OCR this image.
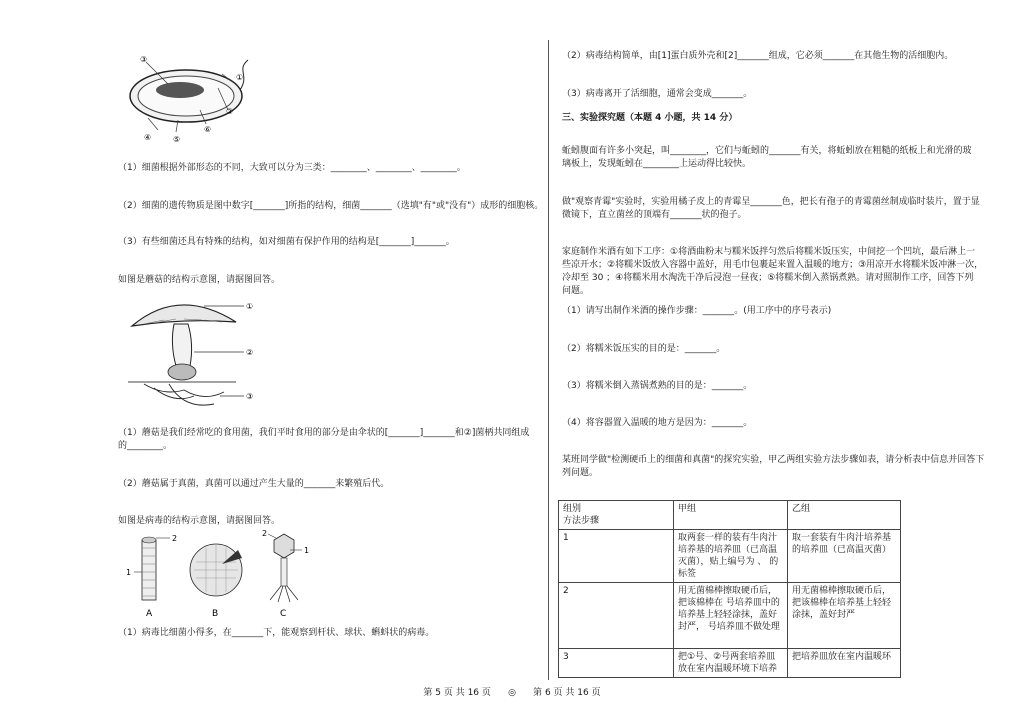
③
②
④	⑤
⑥
①
（1）细菌根据外部形态的不同，大致可以分为三类：________、________、________。
（2）细菌的遗传物质是图中数字[_______]所指的结构，细菌_______（选填"有"或"没有"）成形的细胞核。
（3）有些细菌还具有特殊的结构，如对细菌有保护作用的结构是[_______]_______。
如图是蘑菇的结构示意图，请据图回答。
①
②
③
（1）蘑菇是我们经常吃的食用菌，我们平时食用的部分是由伞状的[_______]_______和②]菌柄共同组成
的________。
（2）蘑菇属于真菌，真菌可以通过产生大量的_______来繁殖后代。
如图是病毒的结构示意图，请据图回答。
2
1
A	B
2
1
C
（1）病毒比细菌小得多，在_______下，能观察到杆状、球状、蝌蚪状的病毒。
（2）病毒结构简单，由[1]蛋白质外壳和[2]_______组成，它必须_______在其他生物的活细胞内。
（3）病毒离开了活细胞，通常会变成_______。
三、实验探究题（本题 4 小题，共 14 分）
蚯蚓腹面有许多小突起，叫________，它们与蚯蚓的_______有关，将蚯蚓放在粗糙的纸板上和光滑的玻
璃板上，发现蚯蚓在________上运动得比较快。
做"观察青霉"实验时，实验用橘子皮上的青霉呈_______色，把长有孢子的青霉菌丝制成临时装片，置于显
微镜下，直立菌丝的顶端有_______状的孢子。
家庭制作米酒有如下工序：①将酒曲粉末与糯米饭拌匀然后将糯米饭压实，中间挖一个凹坑，最后淋上一
些凉开水；②将糯米饭放入容器中盖好，用毛巾包裹起来置入温暖的地方；③用凉开水将糯米饭冲淋一次，
冷却至 30 ；④将糯米用水淘洗干净后浸泡一昼夜；⑤将糯米倒入蒸锅煮熟。请对照制作工序，回答下列
问题。
（1）请写出制作米酒的操作步骤：_______。(用工序中的序号表示)
（2）将糯米饭压实的目的是：_______。
（3）将糯米倒入蒸锅煮熟的目的是：_______。
（4）将容器置入温暖的地方是因为：_______。
某班同学做"检测硬币上的细菌和真菌"的探究实验，甲乙两组实验方法步骤如表，请分析表中信息并回答下
列问题。
组别
方法步骤	甲组	乙组
1	取两套一样的装有牛肉汁培养基的培养皿（已高温灭菌），贴上编号为 、 的标签	取一套装有牛肉汁培养基的培养皿（已高温灭菌）
2	用无菌棉棒擦取硬币后，把该棉棒在 号培养皿中的培养基上轻轻涂抹，盖好封严， 号培养皿不做处理	用无菌棉棒擦取硬币后，把该棉棒在培养基上轻轻涂抹，盖好封严
3	把①号、②号两套培养皿放在室内温暖环境下培养	把培养皿放在室内温暖环
第 5 页 共 16 页 ◎ 第 6 页 共 16 页
